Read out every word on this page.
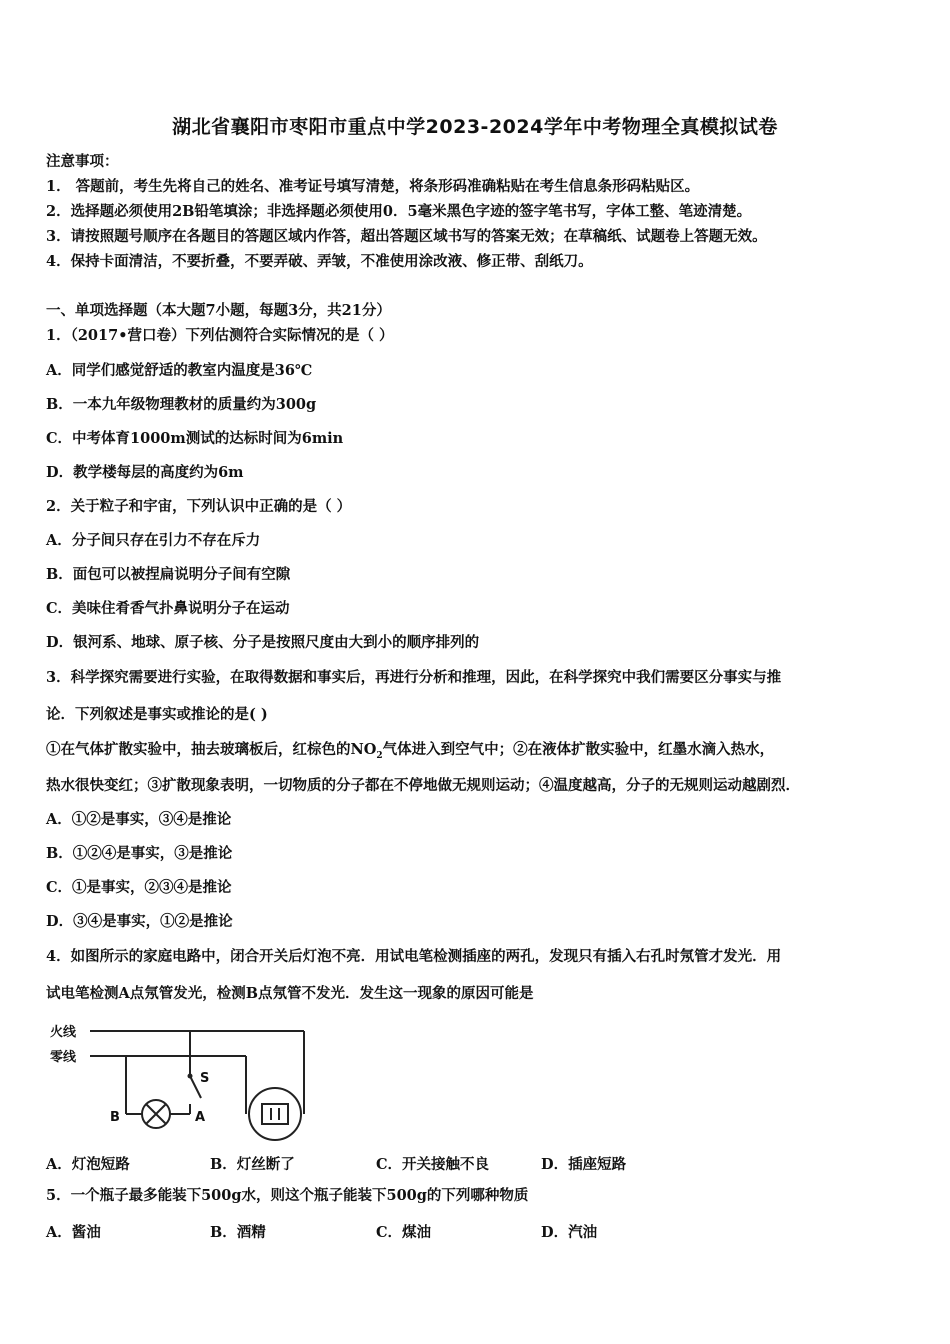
湖北省襄阳市枣阳市重点中学2023-2024学年中考物理全真模拟试卷
注意事项：
1． 答题前，考生先将自己的姓名、准考证号填写清楚，将条形码准确粘贴在考生信息条形码粘贴区。
2．选择题必须使用2B铅笔填涂；非选择题必须使用0．5毫米黑色字迹的签字笔书写，字体工整、笔迹清楚。
3．请按照题号顺序在各题目的答题区域内作答，超出答题区域书写的答案无效；在草稿纸、试题卷上答题无效。
4．保持卡面清洁，不要折叠，不要弄破、弄皱，不准使用涂改液、修正带、刮纸刀。
一、单项选择题（本大题7小题，每题3分，共21分）
1．（2017•营口卷）下列估测符合实际情况的是（ ）
A．同学们感觉舒适的教室内温度是36℃
B．一本九年级物理教材的质量约为300g
C．中考体育1000m测试的达标时间为6min
D．教学楼每层的高度约为6m
2．关于粒子和宇宙，下列认识中正确的是（ ）
A．分子间只存在引力不存在斥力
B．面包可以被捏扁说明分子间有空隙
C．美味住肴香气扑鼻说明分子在运动
D．银河系、地球、原子核、分子是按照尺度由大到小的顺序排列的
3．科学探究需要进行实验，在取得数据和事实后，再进行分析和推理，因此，在科学探究中我们需要区分事实与推
论．下列叙述是事实或推论的是( )
①在气体扩散实验中，抽去玻璃板后，红棕色的$NO_2$气体进入到空气中；②在液体扩散实验中，红墨水滴入热水，
热水很快变红；③扩散现象表明，一切物质的分子都在不停地做无规则运动；④温度越高，分子的无规则运动越剧烈．
A．①②是事实，③④是推论
B．①②④是事实，③是推论
C．①是事实，②③④是推论
D．③④是事实，①②是推论
4．如图所示的家庭电路中，闭合开关后灯泡不亮．用试电笔检测插座的两孔，发现只有插入右孔时氖管才发光．用
试电笔检测A点氖管发光，检测B点氖管不发光．发生这一现象的原因可能是
火线
零线
S
A
B
A．灯泡短路	B．灯丝断了	C．开关接触不良	D．插座短路
5．一个瓶子最多能装下500g水，则这个瓶子能装下500g的下列哪种物质
A．酱油	B．酒精	C．煤油	D．汽油
